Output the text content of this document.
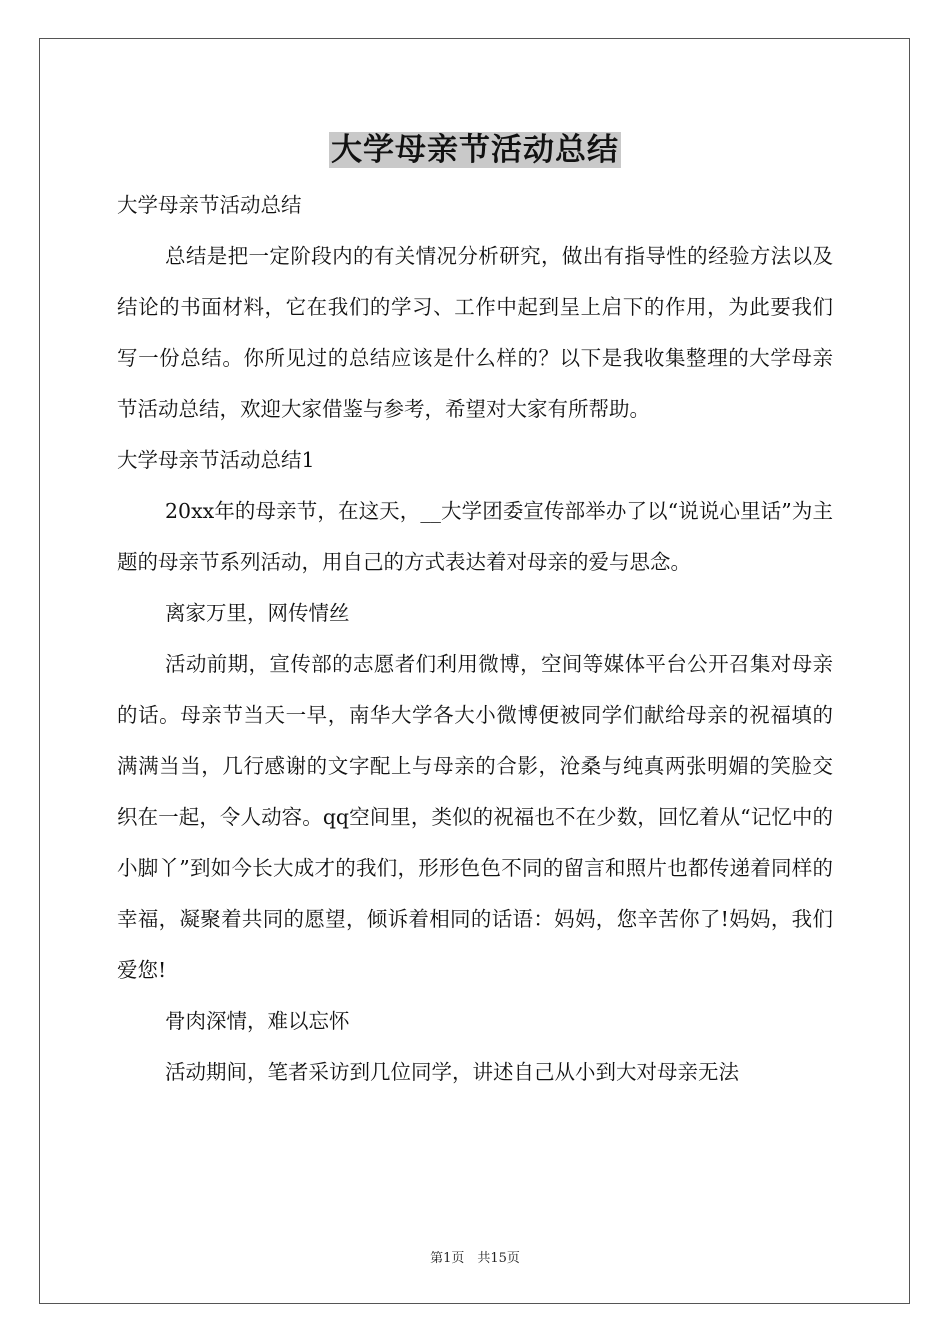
大学母亲节活动总结

大学母亲节活动总结

总结是把一定阶段内的有关情况分析研究，做出有指导性的经验方法以及结论的书面材料，它在我们的学习、工作中起到呈上启下的作用，为此要我们写一份总结。你所见过的总结应该是什么样的？以下是我收集整理的大学母亲节活动总结，欢迎大家借鉴与参考，希望对大家有所帮助。

大学母亲节活动总结1

20xx年的母亲节，在这天，__大学团委宣传部举办了以“说说心里话”为主题的母亲节系列活动，用自己的方式表达着对母亲的爱与思念。

离家万里，网传情丝

活动前期，宣传部的志愿者们利用微博，空间等媒体平台公开召集对母亲的话。母亲节当天一早，南华大学各大小微博便被同学们献给母亲的祝福填的满满当当，几行感谢的文字配上与母亲的合影，沧桑与纯真两张明媚的笑脸交织在一起，令人动容。qq空间里，类似的祝福也不在少数，回忆着从“记忆中的小脚丫”到如今长大成才的我们，形形色色不同的留言和照片也都传递着同样的幸福，凝聚着共同的愿望，倾诉着相同的话语：妈妈，您辛苦你了!妈妈，我们爱您!

骨肉深情，难以忘怀

活动期间，笔者采访到几位同学，讲述自己从小到大对母亲无法

第1页　共15页
